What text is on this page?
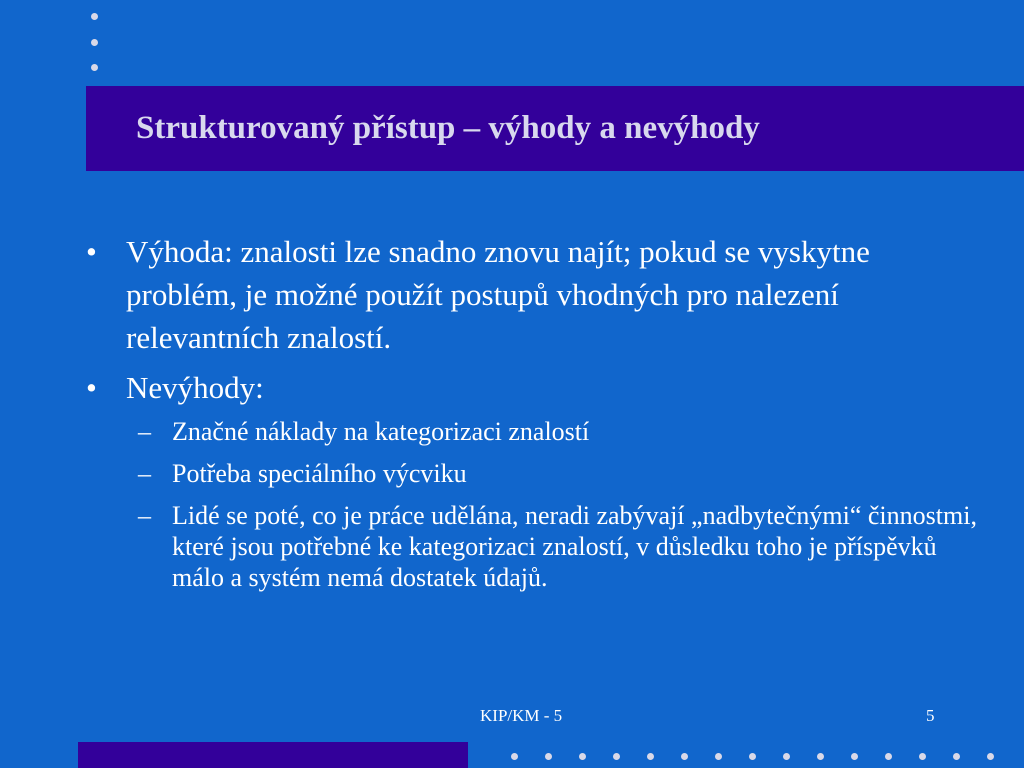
Strukturovaný přístup – výhody a nevýhody
• Výhoda: znalosti lze snadno znovu najít; pokud se vyskytne problém, je možné použít postupů vhodných pro nalezení relevantních znalostí.
• Nevýhody:
– Značné náklady na kategorizaci znalostí
– Potřeba speciálního výcviku
– Lidé se poté, co je práce udělána, neradi zabývají „nadbytečnými“ činnostmi, které jsou potřebné ke kategorizaci znalostí, v důsledku toho je příspěvků málo a systém nemá dostatek údajů.
KIP/KM - 5	5
